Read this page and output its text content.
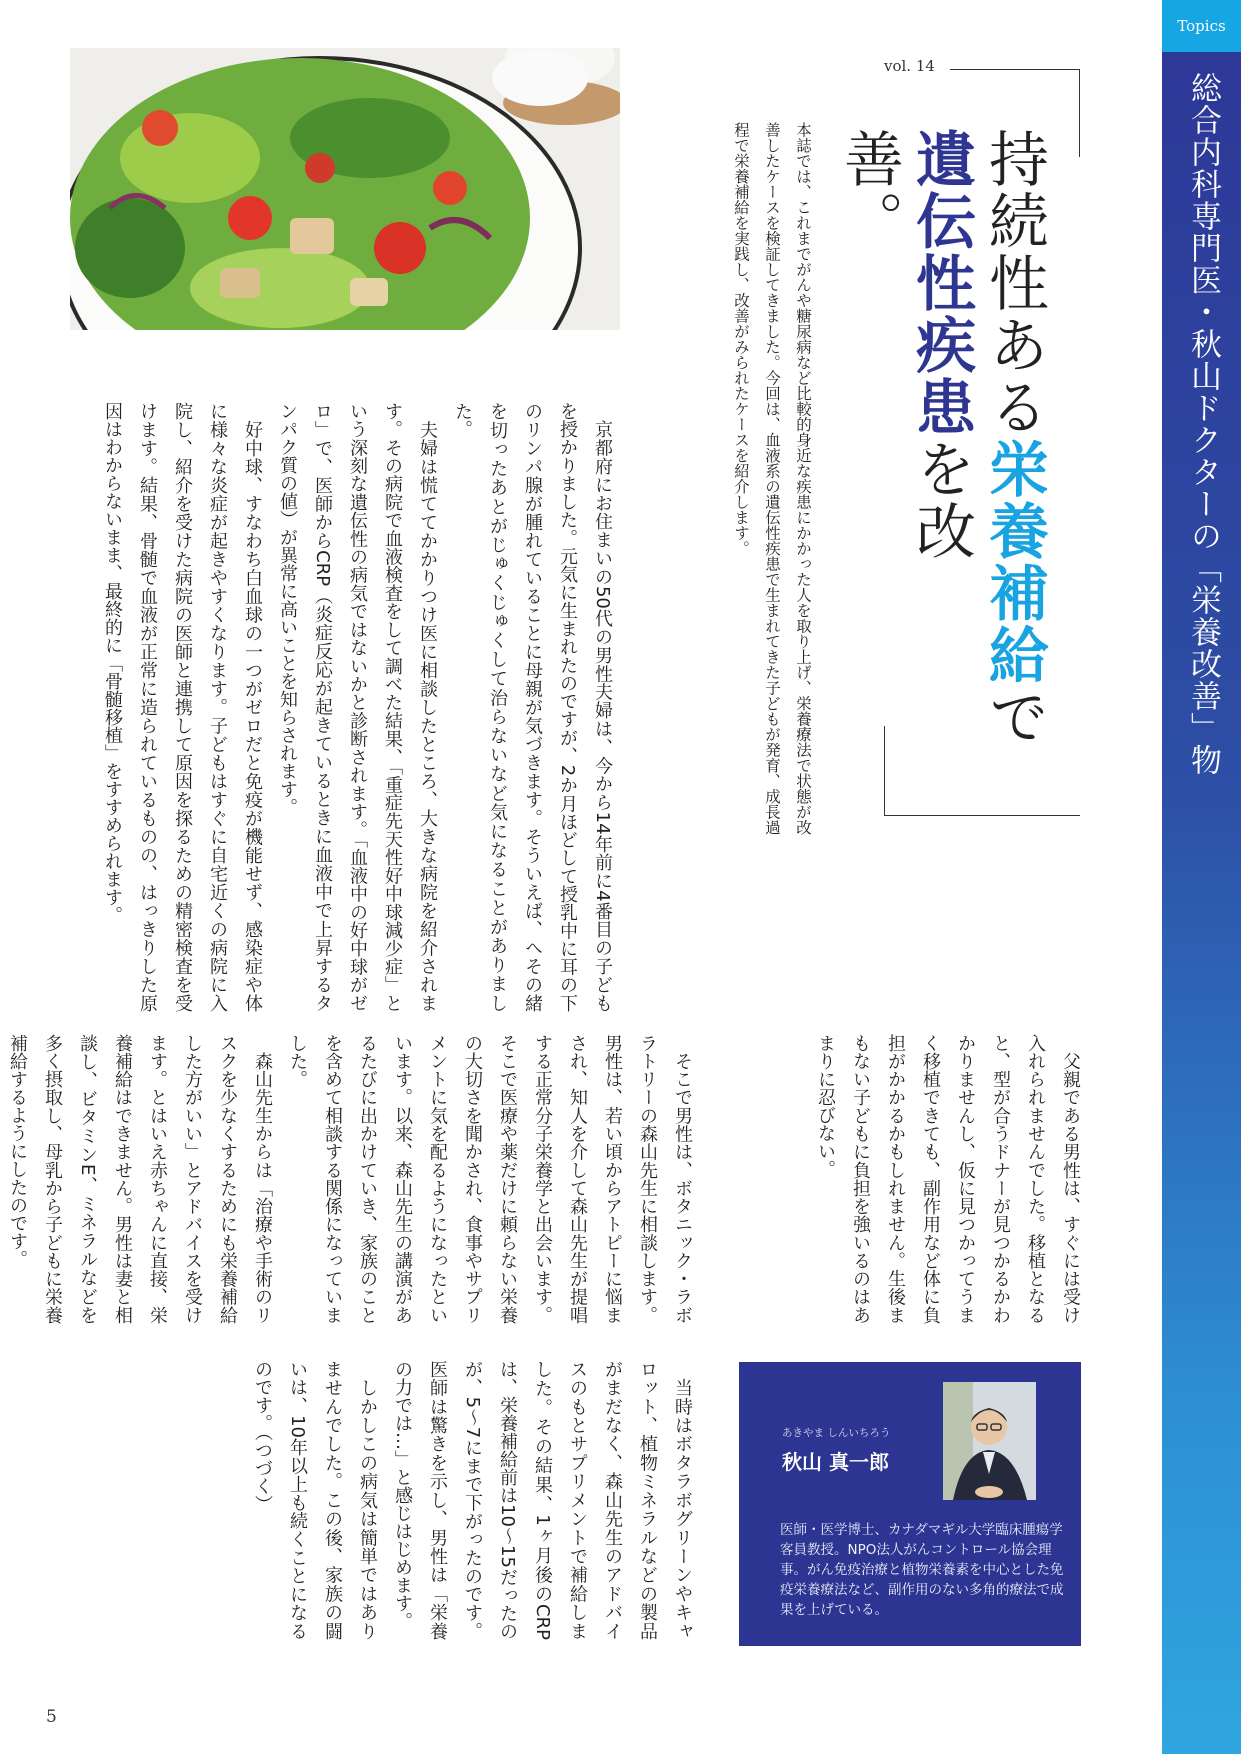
Topics
総合内科専門医・秋山ドクターの「栄養改善」物語
vol. 14
持続性ある栄養補給で
遺伝性疾患を改善。
本誌では、これまでがんや糖尿病など比較的身近な疾患にかかった人を取り上げ、栄養療法で状態が改善したケースを検証してきました。今回は、血液系の遺伝性疾患で生まれてきた子どもが発育、成長過程で栄養補給を実践し、改善がみられたケースを紹介します。
　京都府にお住まいの50代の男性夫婦は、今から14年前に4番目の子どもを授かりました。元気に生まれたのですが、2か月ほどして授乳中に耳の下のリンパ腺が腫れていることに母親が気づきます。そういえば、へその緒を切ったあとがじゅくじゅくして治らないなど気になることがありました。
　夫婦は慌ててかかりつけ医に相談したところ、大きな病院を紹介されます。その病院で血液検査をして調べた結果、「重症先天性好中球減少症」という深刻な遺伝性の病気ではないかと診断されます。「血液中の好中球がゼロ」で、医師からCRP（炎症反応が起きているときに血液中で上昇するタンパク質の値）が異常に高いことを知らされます。
　好中球、すなわち白血球の一つがゼロだと免疫が機能せず、感染症や体に様々な炎症が起きやすくなります。子どもはすぐに自宅近くの病院に入院し、紹介を受けた病院の医師と連携して原因を探るための精密検査を受けます。結果、骨髄で血液が正常に造られているものの、はっきりした原因はわからないまま、最終的に「骨髄移植」をすすめられます。
　父親である男性は、すぐには受け入れられませんでした。移植となると、型が合うドナーが見つかるかわかりませんし、仮に見つかってうまく移植できても、副作用など体に負担がかかるかもしれません。生後まもない子どもに負担を強いるのはあまりに忍びない。
　そこで男性は、ボタニック・ラボラトリーの森山先生に相談します。男性は、若い頃からアトピーに悩まされ、知人を介して森山先生が提唱する正常分子栄養学と出会います。そこで医療や薬だけに頼らない栄養の大切さを聞かされ、食事やサプリメントに気を配るようになったといいます。以来、森山先生の講演があるたびに出かけていき、家族のことを含めて相談する関係になっていました。
　森山先生からは「治療や手術のリスクを少なくするためにも栄養補給した方がいい」とアドバイスを受けます。とはいえ赤ちゃんに直接、栄養補給はできません。男性は妻と相談し、ビタミンE、ミネラルなどを多く摂取し、母乳から子どもに栄養補給するようにしたのです。
　当時はボタラボグリーンやキャロット、植物ミネラルなどの製品がまだなく、森山先生のアドバイスのもとサプリメントで補給しました。その結果、1ヶ月後のCRPは、栄養補給前は10〜15だったのが、5〜7にまで下がったのです。医師は驚きを示し、男性は「栄養の力では…」と感じはじめます。
　しかしこの病気は簡単ではありませんでした。この後、家族の闘いは、10年以上も続くことになるのです。（つづく）	あきやま しんいちろう
秋山 真一郎
医師・医学博士、カナダマギル大学臨床腫瘍学客員教授。NPO法人がんコントロール協会理事。がん免疫治療と植物栄養素を中心とした免疫栄養療法など、副作用のない多角的療法で成果を上げている。
5
